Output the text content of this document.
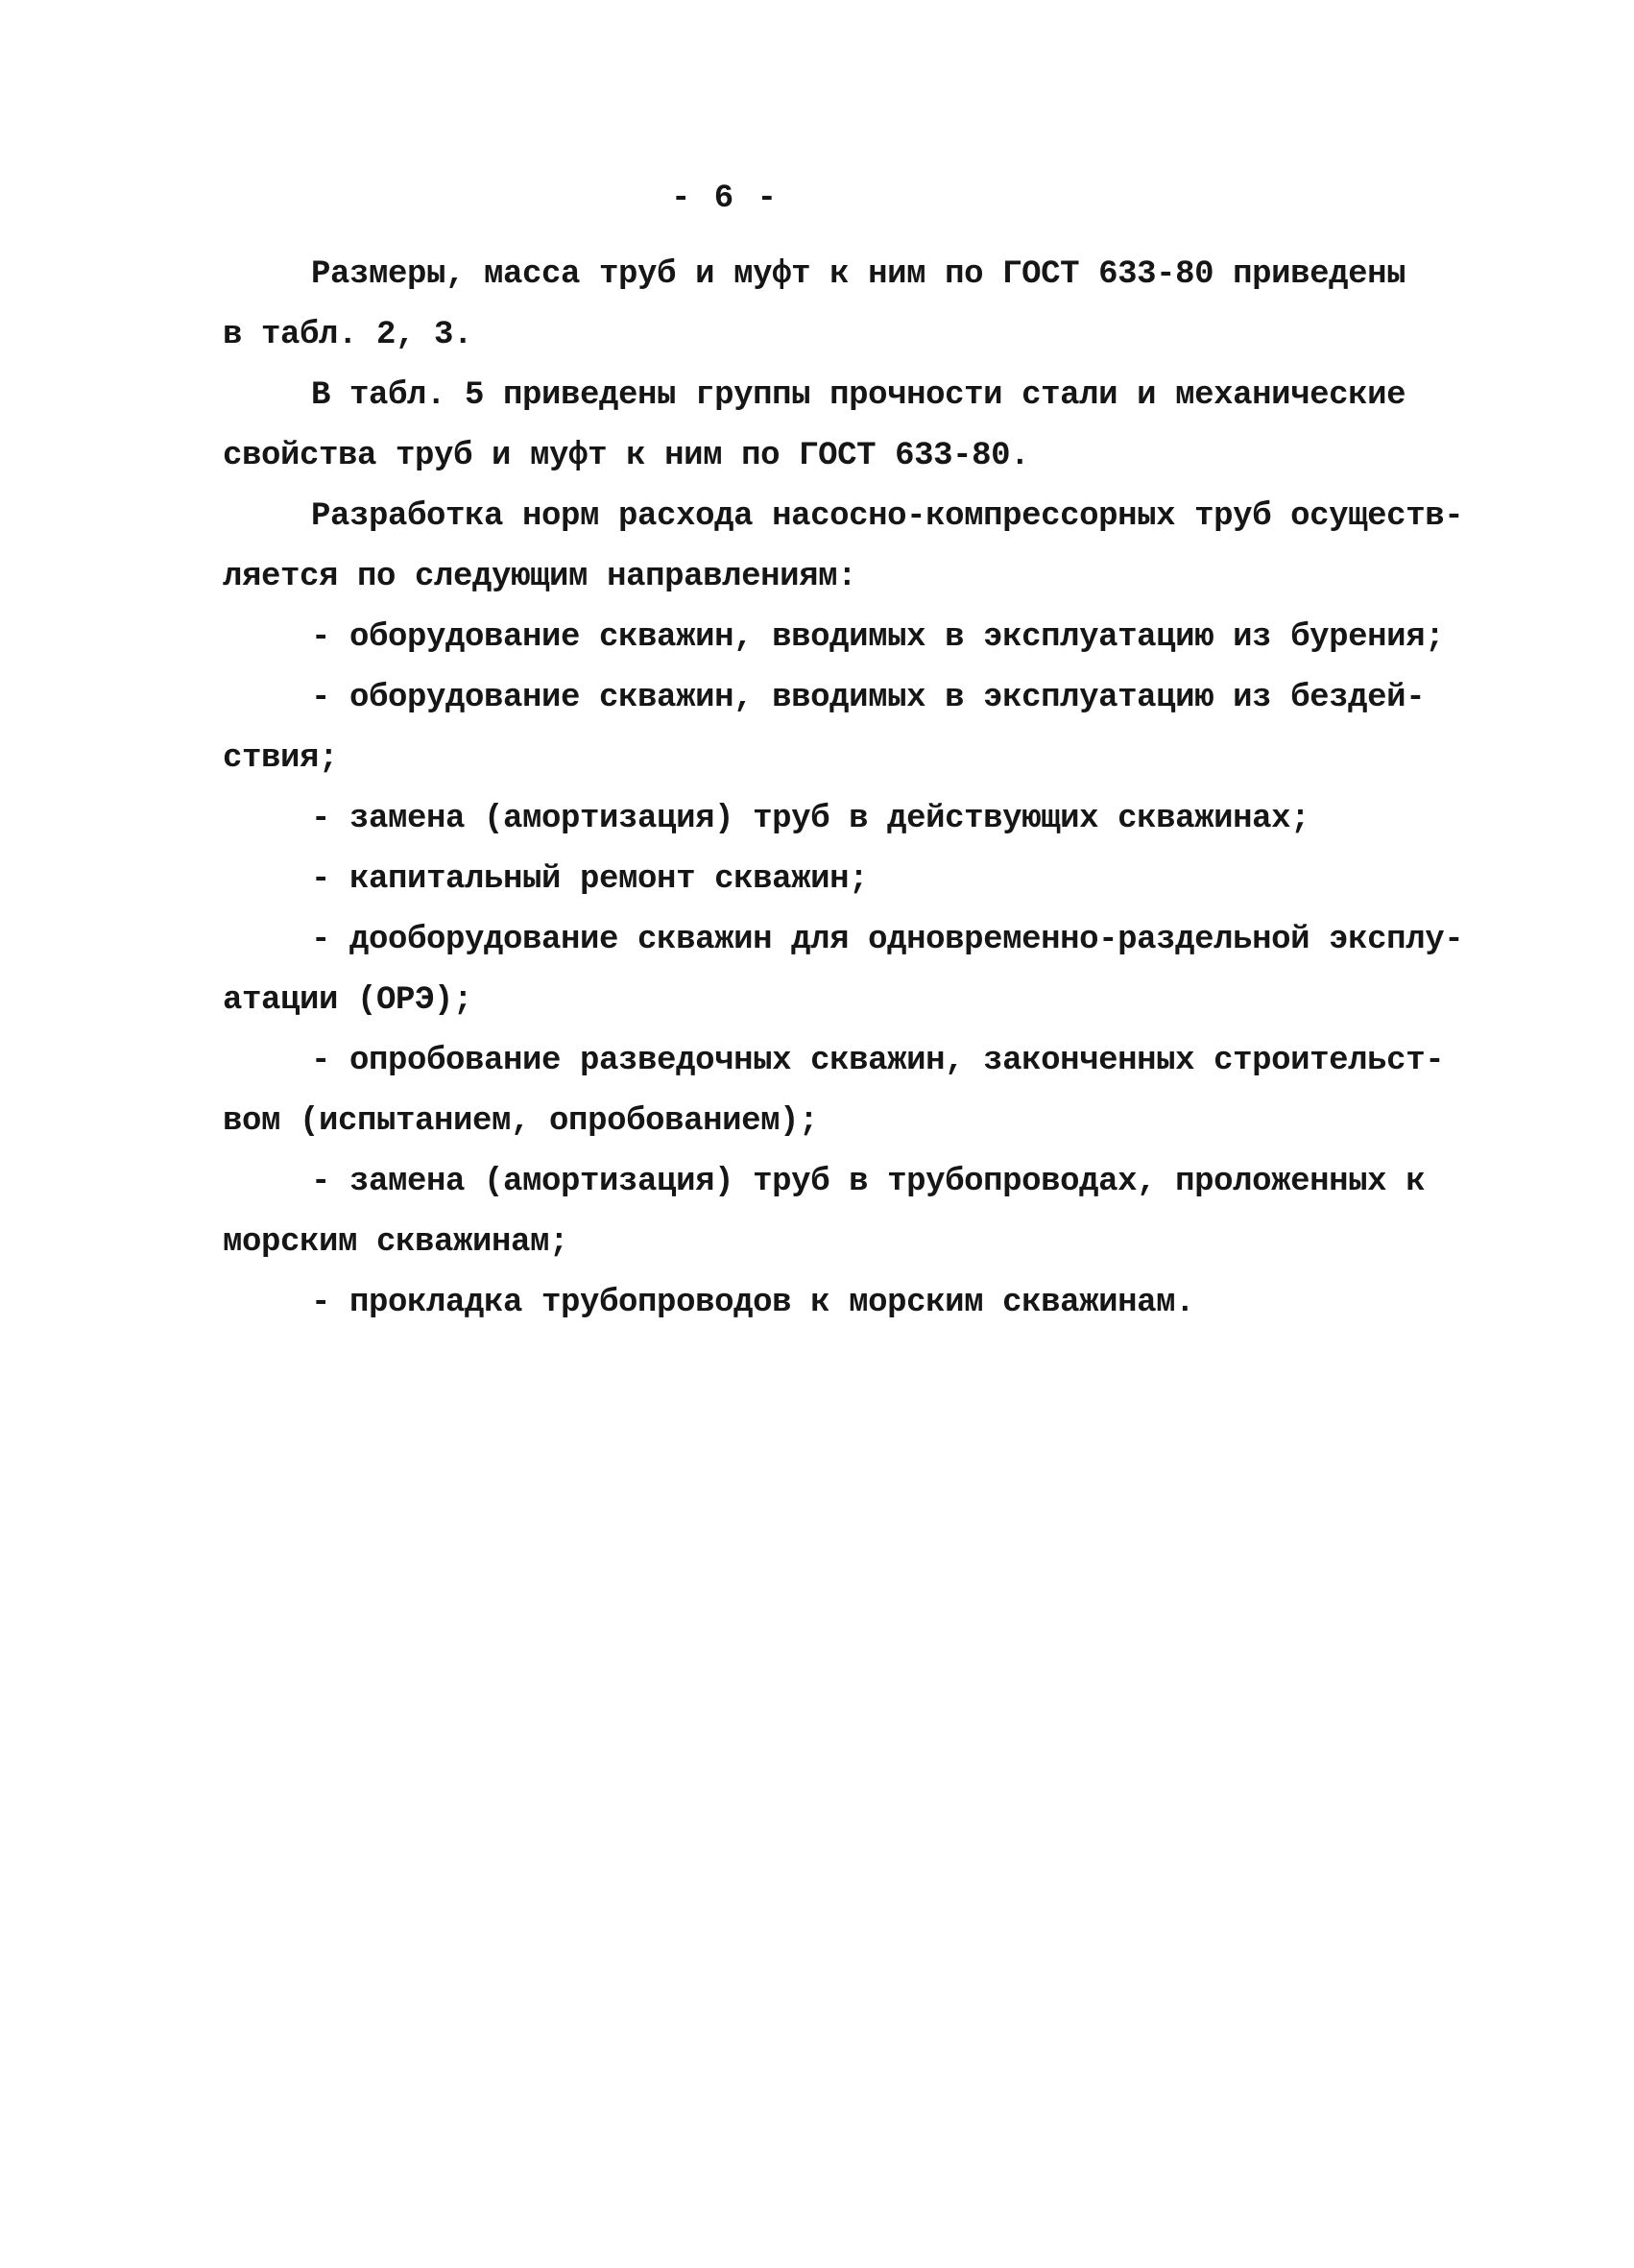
- 6 -
Размеры, масса труб и муфт к ним по ГОСТ 633-80 приведены
в табл. 2, 3.
В табл. 5 приведены группы прочности стали и механические
свойства труб и муфт к ним по ГОСТ 633-80.
Разработка норм расхода насосно-компрессорных труб осуществ-
ляется по следующим направлениям:
- оборудование скважин, вводимых в эксплуатацию из бурения;
- оборудование скважин, вводимых в эксплуатацию из бездей-
ствия;
- замена (амортизация) труб в действующих скважинах;
- капитальный ремонт скважин;
- дооборудование скважин для одновременно-раздельной эксплу-
атации (ОРЭ);
- опробование разведочных скважин, законченных строительст-
вом (испытанием, опробованием);
- замена (амортизация) труб в трубопроводах, проложенных к
морским скважинам;
- прокладка трубопроводов к морским скважинам.
